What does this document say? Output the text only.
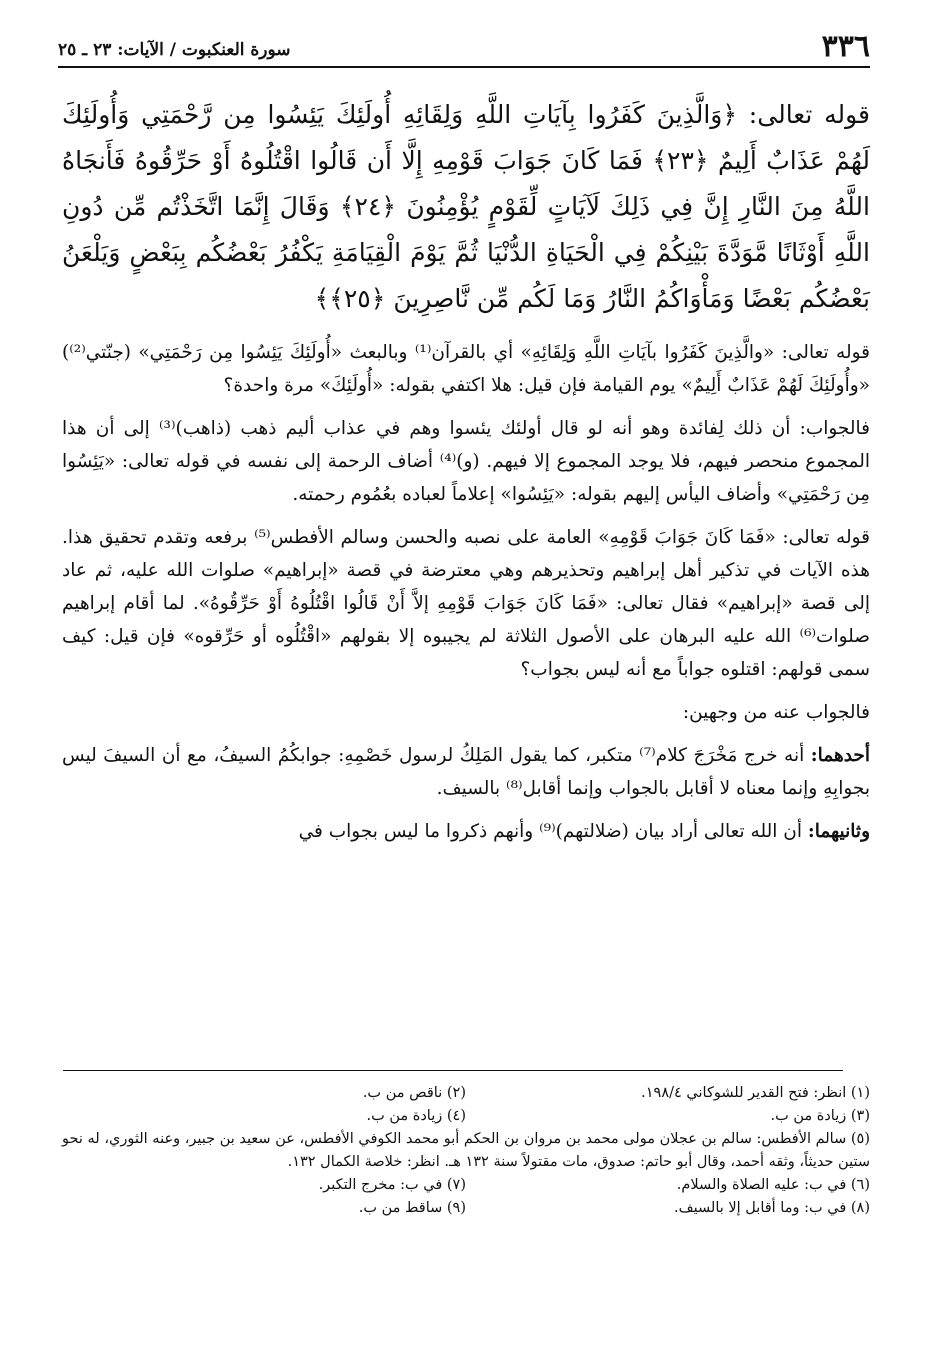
٣٣٦
سورة العنكبوت / الآيات: ٢٣ ـ ٢٥

قوله تعالى: ﴿وَالَّذِينَ كَفَرُوا بِآيَاتِ اللَّهِ وَلِقَائِهِ أُولَئِكَ يَئِسُوا مِن رَّحْمَتِي وَأُولَئِكَ لَهُمْ عَذَابٌ أَلِيمٌ ﴿٢٣﴾ فَمَا كَانَ جَوَابَ قَوْمِهِ إِلَّا أَن قَالُوا اقْتُلُوهُ أَوْ حَرِّقُوهُ فَأَنجَاهُ اللَّهُ مِنَ النَّارِ إِنَّ فِي ذَلِكَ لَآيَاتٍ لِّقَوْمٍ يُؤْمِنُونَ ﴿٢٤﴾ وَقَالَ إِنَّمَا اتَّخَذْتُم مِّن دُونِ اللَّهِ أَوْثَانًا مَّوَدَّةَ بَيْنِكُمْ فِي الْحَيَاةِ الدُّنْيَا ثُمَّ يَوْمَ الْقِيَامَةِ يَكْفُرُ بَعْضُكُم بِبَعْضٍ وَيَلْعَنُ بَعْضُكُم بَعْضًا وَمَأْوَاكُمُ النَّارُ وَمَا لَكُم مِّن نَّاصِرِينَ ﴿٢٥﴾﴾

قوله تعالى: «والَّذِينَ كَفَرُوا بآيَاتِ اللَّهِ وَلِقَائِهِ» أي بالقرآن⁽¹⁾ وبالبعث «أُولَئِكَ يَئِسُوا مِن رَحْمَتِي» (جنّتي⁽²⁾) «وأُولَئِكَ لَهُمْ عَذَابٌ أَلِيمٌ» يوم القيامة فإن قيل: هلا اكتفي بقوله: «أُولَئِكَ» مرة واحدة؟

فالجواب: أن ذلك لِفائدة وهو أنه لو قال أولئك يئسوا وهم في عذاب أليم ذهب (ذاهب)⁽³⁾ إلى أن هذا المجموع منحصر فيهم، فلا يوجد المجموع إلا فيهم. (و)⁽⁴⁾ أضاف الرحمة إلى نفسه في قوله تعالى: «يَئِسُوا مِن رَحْمَتِي» وأضاف اليأس إليهم بقوله: «يَئِسُوا» إعلاماً لعباده بعُمُوم رحمته.

قوله تعالى: «فَمَا كَانَ جَوَابَ قَوْمِهِ» العامة على نصبه والحسن وسالم الأفطس⁽⁵⁾ برفعه وتقدم تحقيق هذا. هذه الآيات في تذكير أهل إبراهيم وتحذيرهم وهي معترضة في قصة «إبراهيم» صلوات الله عليه، ثم عاد إلى قصة «إبراهيم» فقال تعالى: «فَمَا كَانَ جَوَابَ قَوْمِهِ إلاَّ أَنْ قَالُوا اقْتُلُوهُ أَوْ حَرِّقُوهُ». لما أقام إبراهيم صلوات⁽⁶⁾ الله عليه البرهان على الأصول الثلاثة لم يجيبوه إلا بقولهم «اقْتُلُوه أو حَرِّقوه» فإن قيل: كيف سمى قولهم: اقتلوه جواباً مع أنه ليس بجواب؟

فالجواب عنه من وجهين:

أحدهما: أنه خرج مَخْرَجَ كلام⁽⁷⁾ متكبر، كما يقول المَلِكُ لرسول خَصْمِهِ: جوابكُمُ السيفُ، مع أن السيفَ ليس بجوابِهِ وإنما معناه لا أقابل بالجواب وإنما أقابل⁽⁸⁾ بالسيف.

وثانيهما: أن الله تعالى أراد بيان (ضلالتهم)⁽⁹⁾ وأنهم ذكروا ما ليس بجواب في

(١) انظر: فتح القدير للشوكاني ١٩٨/٤.
(٢) ناقص من ب.
(٣) زيادة من ب.
(٤) زيادة من ب.
(٥) سالم الأفطس: سالم بن عجلان مولى محمد بن مروان بن الحكم أبو محمد الكوفي الأفطس، عن سعيد بن جبير، وعنه الثوري، له نحو ستين حديثاً، وثقه أحمد، وقال أبو حاتم: صدوق، مات مقتولاً سنة ١٣٢ هـ. انظر: خلاصة الكمال ١٣٢.
(٦) في ب: عليه الصلاة والسلام.
(٧) في ب: مخرج التكبر.
(٨) في ب: وما أقابل إلا بالسيف.
(٩) ساقط من ب.
